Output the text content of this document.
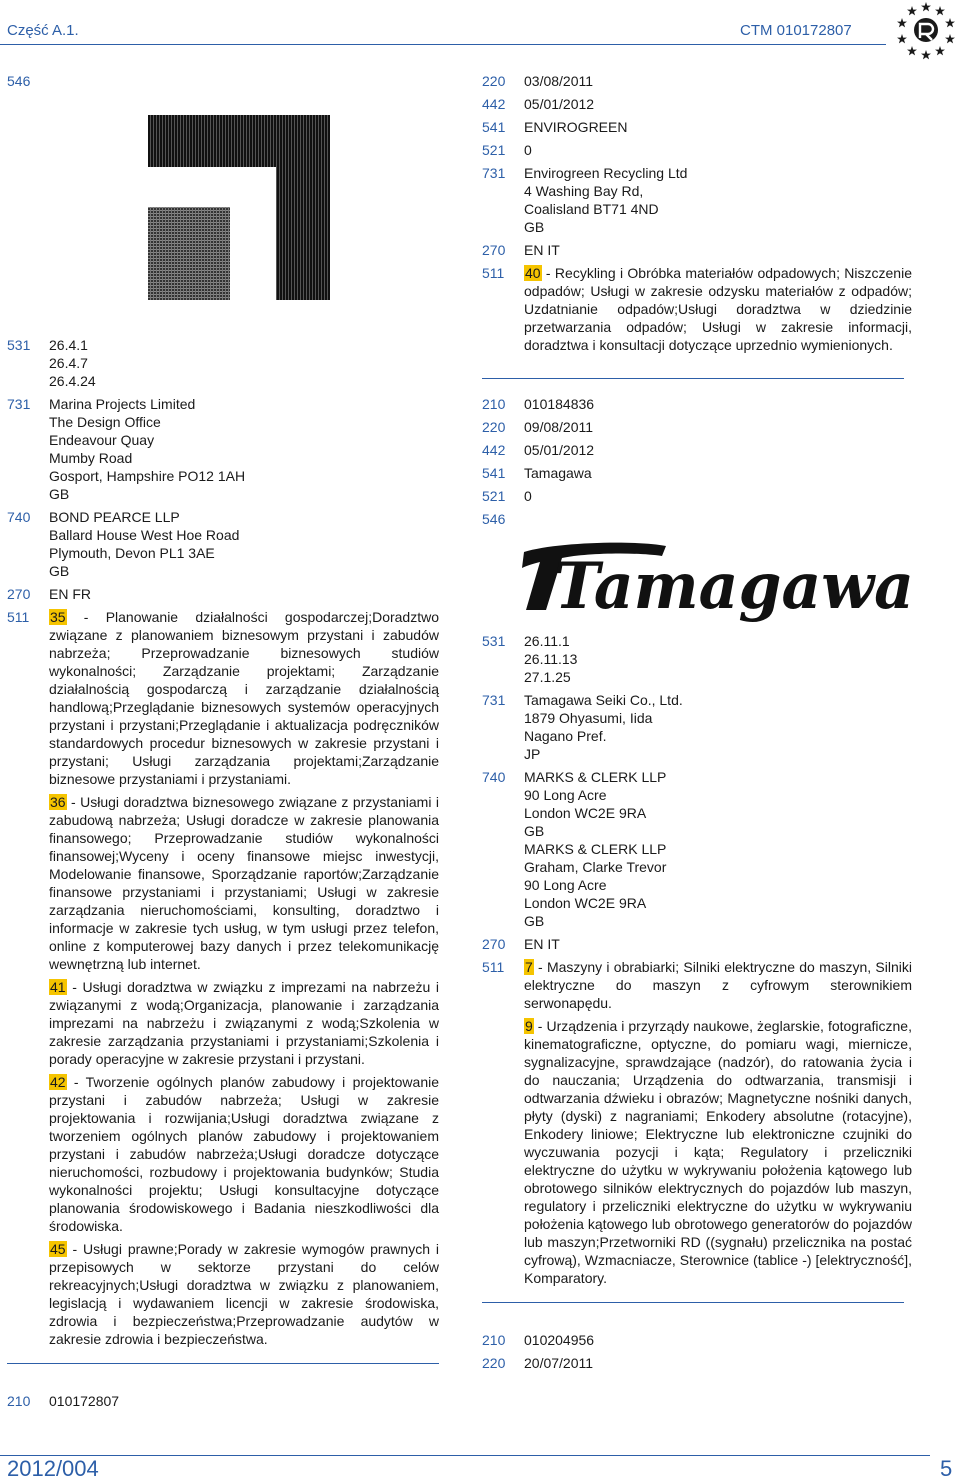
Część A.1.	CTM 010172807
546
531	26.4.1
26.4.7
26.4.24
731	Marina Projects Limited
The Design Office
Endeavour Quay
Mumby Road
Gosport, Hampshire PO12 1AH
GB
740	BOND PEARCE LLP
Ballard House West Hoe Road
Plymouth, Devon PL1 3AE
GB
270	EN FR
511	35 - Planowanie działalności gospodarczej;Doradztwo związane z planowaniem biznesowym przystani i zabudów nabrzeża; Przeprowadzanie biznesowych studiów wykonalności; Zarządzanie projektami; Zarządzanie działalnością gospodarczą i zarządzanie działalnością handlową;Przeglądanie biznesowych systemów operacyjnych przystani i przystani;Przeglądanie i aktualizacja podręczników standardowych procedur biznesowych w zakresie przystani i przystani; Usługi zarządzania projektami;Zarządzanie biznesowe przystaniami i przystaniami.

36 - Usługi doradztwa biznesowego związane z przystaniami i zabudową nabrzeża; Usługi doradcze w zakresie planowania finansowego; Przeprowadzanie studiów wykonalności finansowej;Wyceny i oceny finansowe miejsc inwestycji, Modelowanie finansowe, Sporządzanie raportów;Zarządzanie finansowe przystaniami i przystaniami; Usługi w zakresie zarządzania nieruchomościami, konsulting, doradztwo i informacje w zakresie tych usług, w tym usługi przez telefon, online z komputerowej bazy danych i przez telekomunikację wewnętrzną lub internet.

41 - Usługi doradztwa w związku z imprezami na nabrzeżu i związanymi z wodą;Organizacja, planowanie i zarządzania imprezami na nabrzeżu i związanymi z wodą;Szkolenia w zakresie zarządzania przystaniami i przystaniami;Szkolenia i porady operacyjne w zakresie przystani i przystani.

42 - Tworzenie ogólnych planów zabudowy i projektowanie przystani i zabudów nabrzeża; Usługi w zakresie projektowania i rozwijania;Usługi doradztwa związane z tworzeniem ogólnych planów zabudowy i projektowaniem przystani i zabudów nabrzeża;Usługi doradcze dotyczące nieruchomości, rozbudowy i projektowania budynków; Studia wykonalności projektu; Usługi konsultacyjne dotyczące planowania środowiskowego i Badania nieszkodliwości dla środowiska.

45 - Usługi prawne;Porady w zakresie wymogów prawnych i przepisowych w sektorze przystani do celów rekreacyjnych;Usługi doradztwa w związku z planowaniem, legislacją i wydawaniem licencji w zakresie środowiska, zdrowia i bezpieczeństwa;Przeprowadzanie audytów w zakresie zdrowia i bezpieczeństwa.

210	010172807
220	03/08/2011
442	05/01/2012
541	ENVIROGREEN
521	0
731	Envirogreen Recycling Ltd
4 Washing Bay Rd,
Coalisland BT71 4ND
GB
270	EN IT
511	40 - Recykling i Obróbka materiałów odpadowych; Niszczenie odpadów; Usługi w zakresie odzysku materiałów z odpadów; Uzdatnianie odpadów;Usługi doradztwa w dziedzinie przetwarzania odpadów; Usługi w zakresie informacji, doradztwa i konsultacji dotyczące uprzednio wymienionych.

210	010184836
220	09/08/2011
442	05/01/2012
541	Tamagawa
521	0
546
Tamagawa
531	26.11.1
26.11.13
27.1.25
731	Tamagawa Seiki Co., Ltd.
1879 Ohyasumi, Iida
Nagano Pref.
JP
740	MARKS & CLERK LLP
90 Long Acre
London WC2E 9RA
GB
MARKS & CLERK LLP
Graham, Clarke Trevor
90 Long Acre
London WC2E 9RA
GB
270	EN IT
511	7 - Maszyny i obrabiarki; Silniki elektryczne do maszyn, Silniki elektryczne do maszyn z cyfrowym sterownikiem serwonapędu.

9 - Urządzenia i przyrządy naukowe, żeglarskie, fotograficzne, kinematograficzne, optyczne, do pomiaru wagi, miernicze, sygnalizacyjne, sprawdzające (nadzór), do ratowania życia i do nauczania; Urządzenia do odtwarzania, transmisji i odtwarzania dźwieku i obrazów; Magnetyczne nośniki danych, płyty (dyski) z nagraniami; Enkodery absolutne (rotacyjne), Enkodery liniowe; Elektryczne lub elektroniczne czujniki do wyczuwania pozycji i kąta; Regulatory i przeliczniki elektryczne do użytku w wykrywaniu położenia kątowego lub obrotowego silników elektrycznych do pojazdów lub maszyn, regulatory i przeliczniki elektryczne do użytku w wykrywaniu położenia kątowego lub obrotowego generatorów do pojazdów lub maszyn;Przetworniki RD ((sygnału) przelicznika na postać cyfrową), Wzmacniacze, Sterownice (tablice -) [elektryczność], Komparatory.

210	010204956
220	20/07/2011
2012/004	5
